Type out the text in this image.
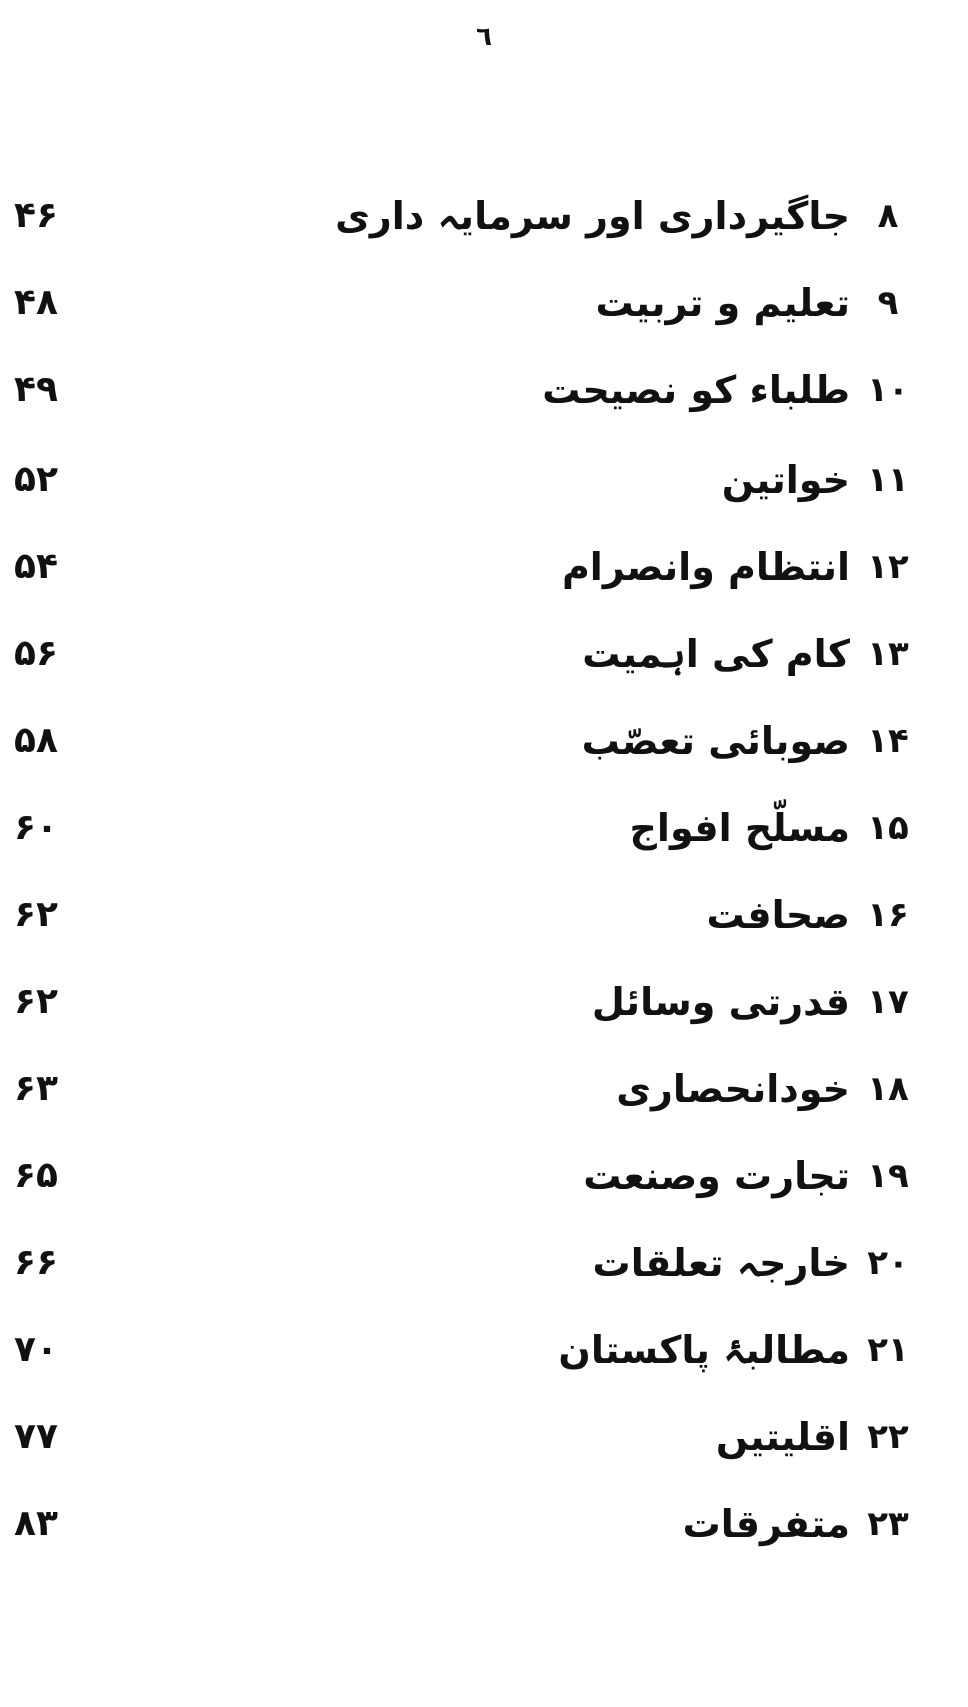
٦
۸
جاگیرداری اور سرمایہ داری
۴۶
۹
تعلیم و تربیت
۴۸
۱۰
طلباء کو نصیحت
۴۹
۱۱
خواتین
۵۲
۱۲
انتظام وانصرام
۵۴
۱۳
کام کی اہمیت
۵۶
۱۴
صوبائی تعصّب
۵۸
۱۵
مسلّح افواج
۶۰
۱۶
صحافت
۶۲
۱۷
قدرتی وسائل
۶۲
۱۸
خودانحصاری
۶۳
۱۹
تجارت وصنعت
۶۵
۲۰
خارجہ تعلقات
۶۶
۲۱
مطالبۂ پاکستان
۷۰
۲۲
اقلیتیں
۷۷
۲۳
متفرقات
۸۳
